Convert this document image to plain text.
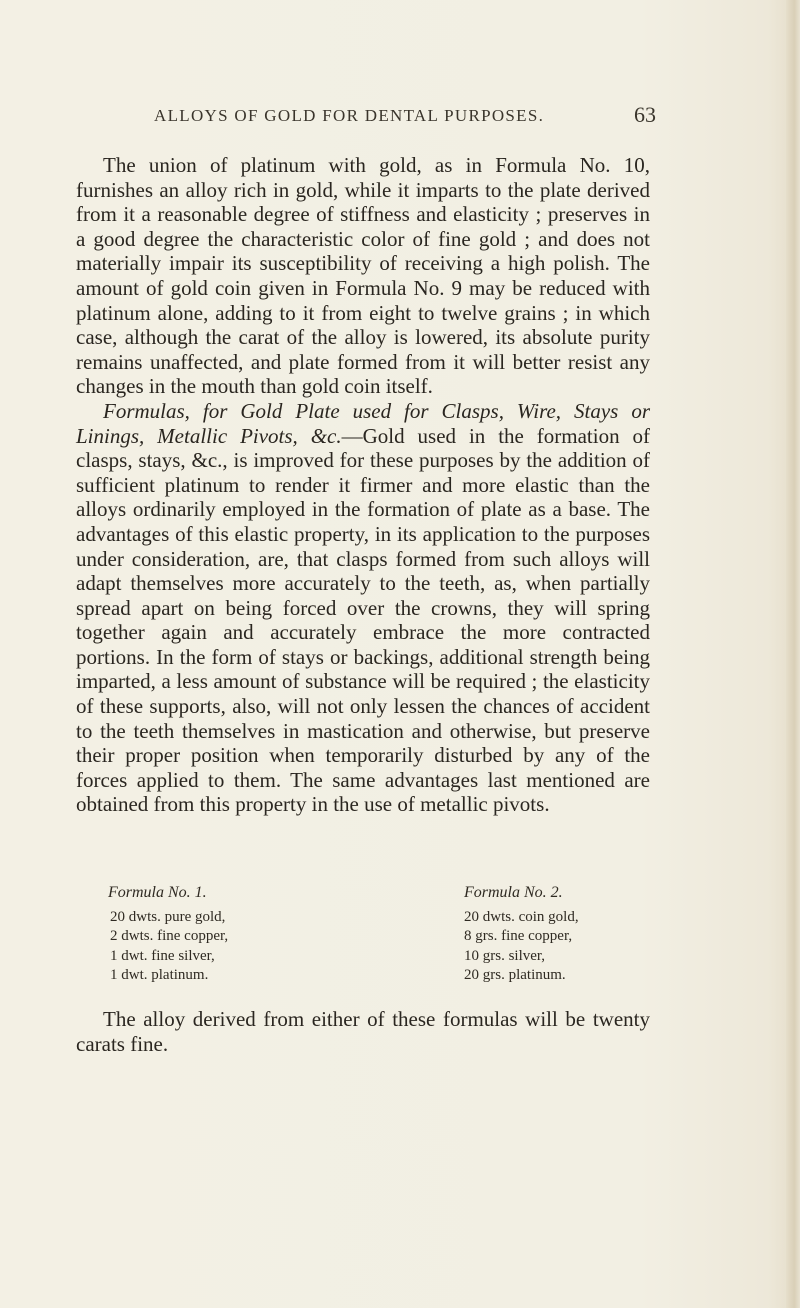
ALLOYS OF GOLD FOR DENTAL PURPOSES.	63

The union of platinum with gold, as in Formula No. 10, furnishes an alloy rich in gold, while it imparts to the plate derived from it a reasonable degree of stiffness and elasticity ; preserves in a good degree the characteristic color of fine gold ; and does not materially impair its susceptibility of receiving a high polish. The amount of gold coin given in Formula No. 9 may be reduced with platinum alone, adding to it from eight to twelve grains ; in which case, although the carat of the alloy is lowered, its absolute purity remains unaffected, and plate formed from it will better resist any changes in the mouth than gold coin itself.

Formulas, for Gold Plate used for Clasps, Wire, Stays or Linings, Metallic Pivots, &c.—Gold used in the formation of clasps, stays, &c., is improved for these purposes by the addition of sufficient platinum to render it firmer and more elastic than the alloys ordinarily employed in the formation of plate as a base. The advantages of this elastic property, in its application to the purposes under consideration, are, that clasps formed from such alloys will adapt themselves more accurately to the teeth, as, when partially spread apart on being forced over the crowns, they will spring together again and accurately embrace the more contracted portions. In the form of stays or backings, additional strength being imparted, a less amount of substance will be required ; the elasticity of these supports, also, will not only lessen the chances of accident to the teeth themselves in mastication and otherwise, but preserve their proper position when temporarily disturbed by any of the forces applied to them. The same advantages last mentioned are obtained from this property in the use of metallic pivots.

Formula No. 1.
20 dwts. pure gold,
2 dwts. fine copper,
1 dwt. fine silver,
1 dwt. platinum.
Formula No. 2.
20 dwts. coin gold,
8 grs. fine copper,
10 grs. silver,
20 grs. platinum.

The alloy derived from either of these formulas will be twenty carats fine.
